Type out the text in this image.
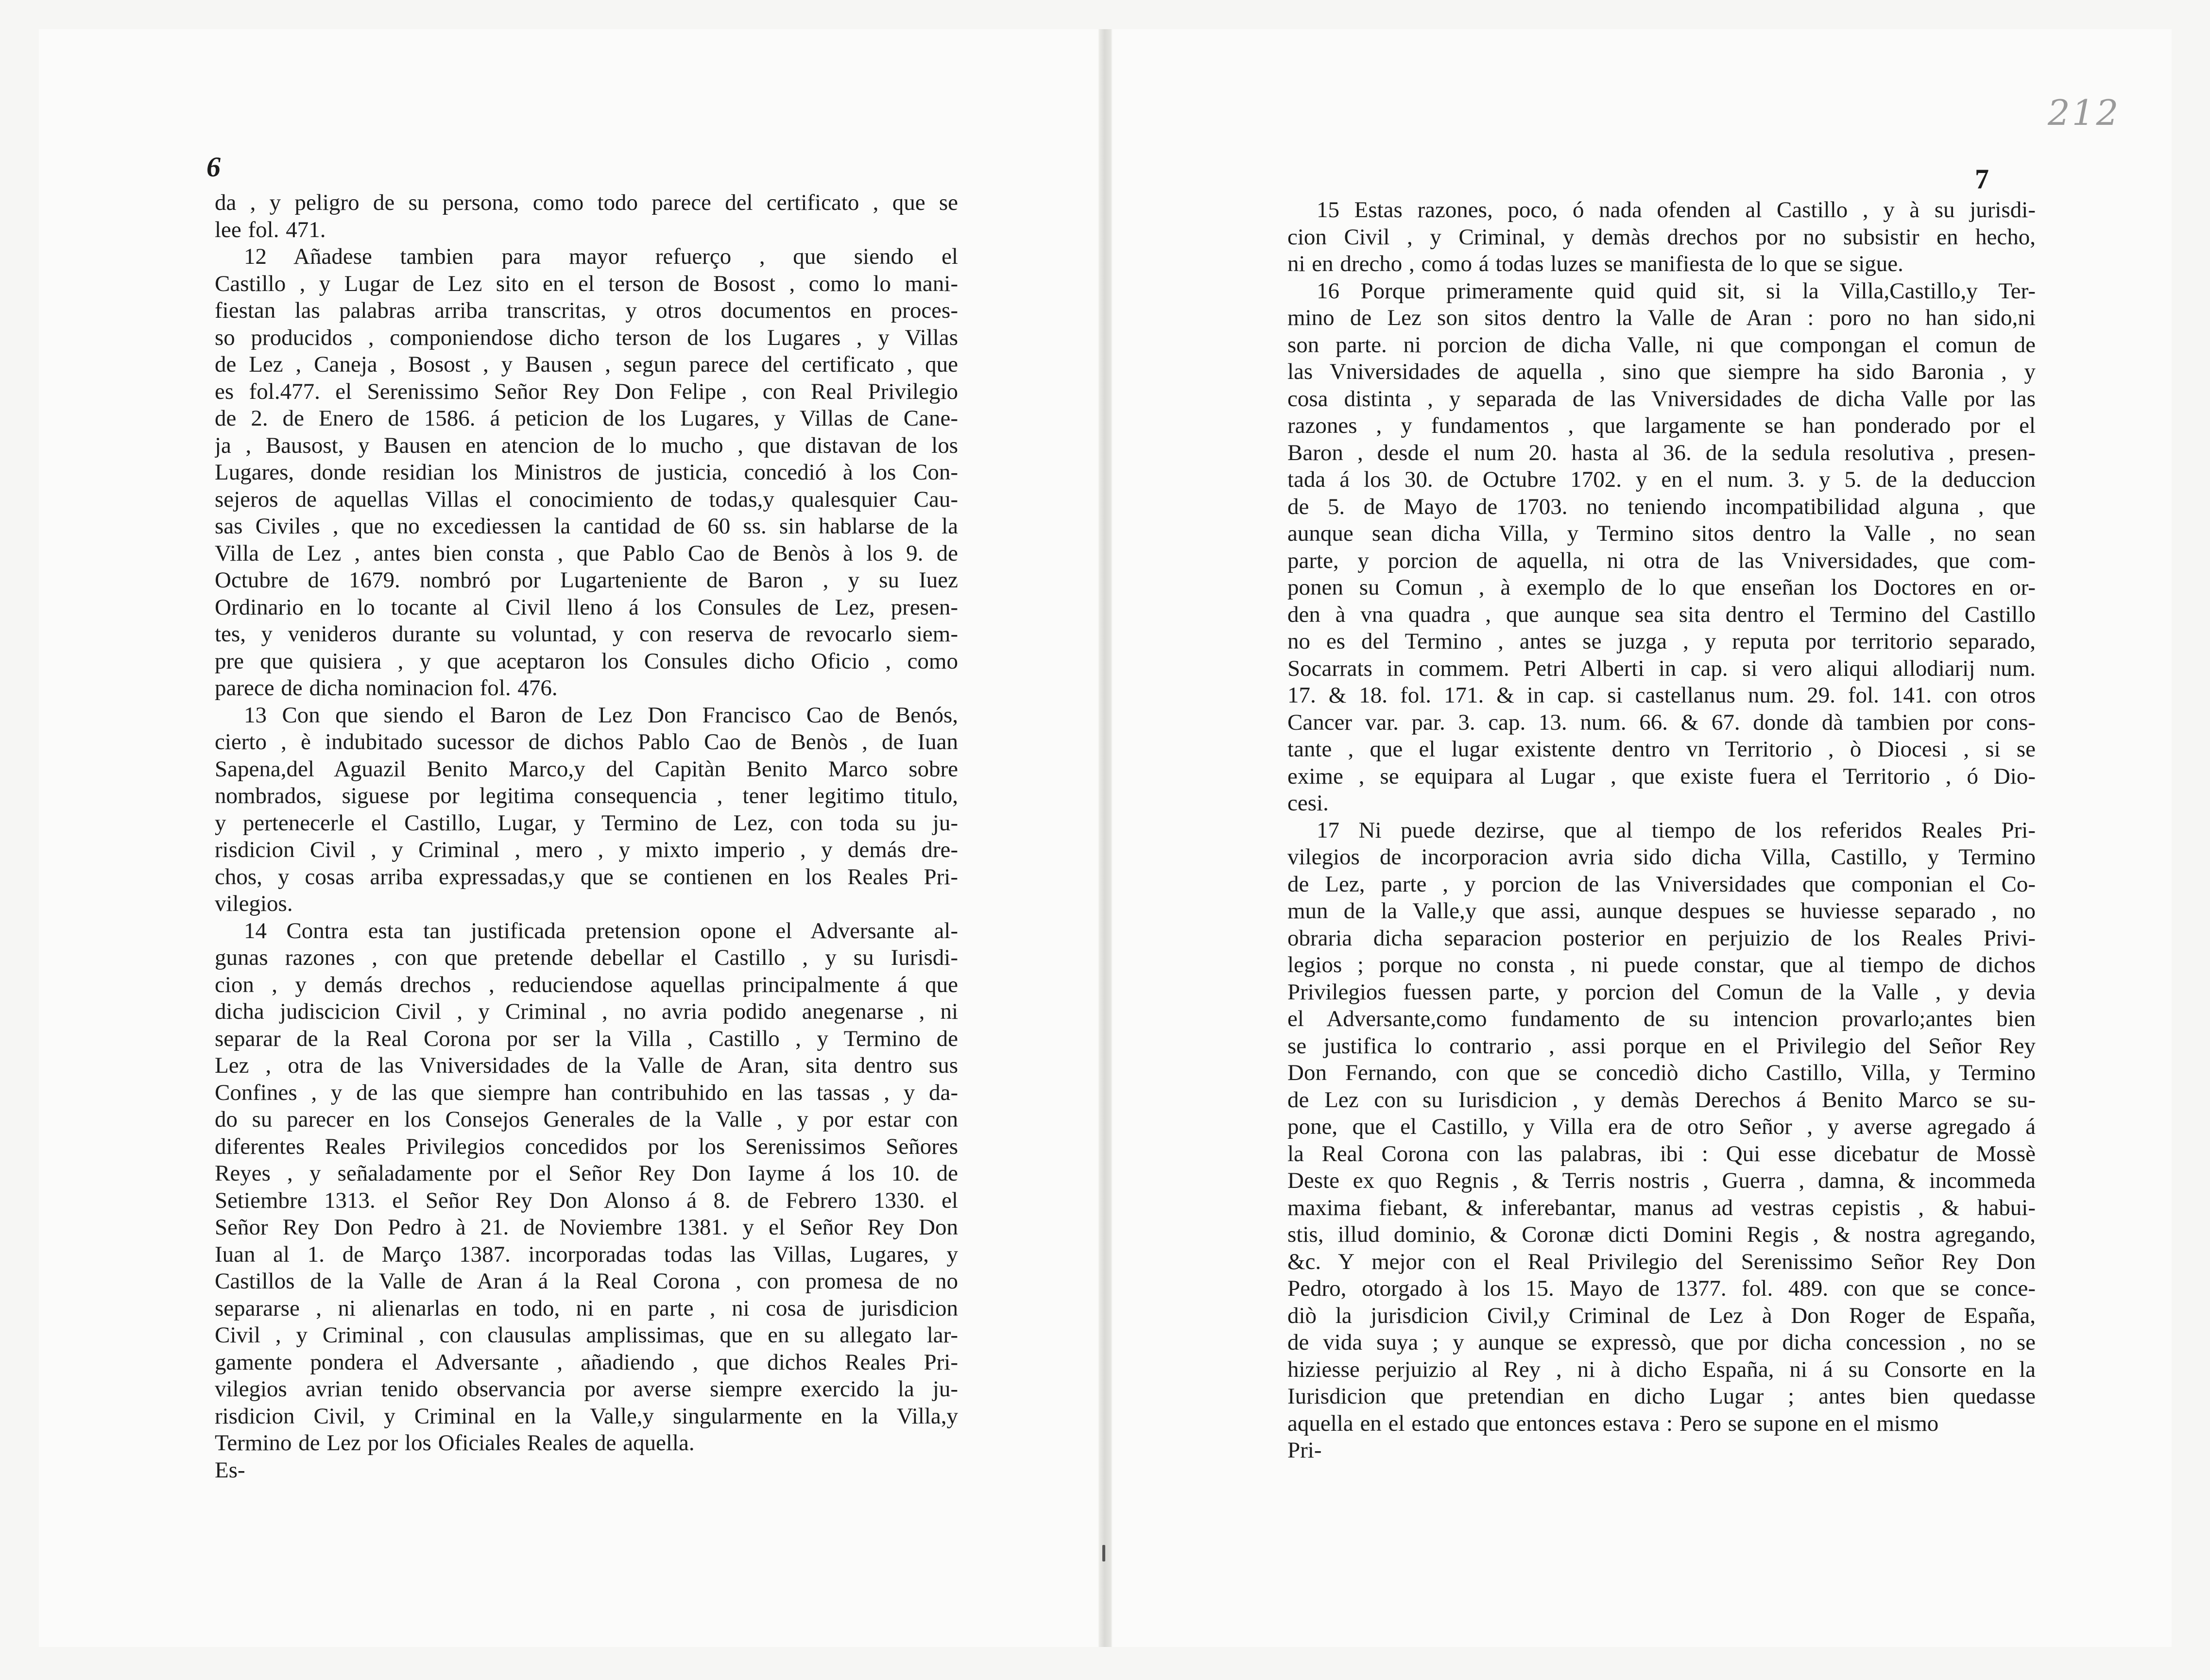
6
da , y peligro de su persona, como todo parece del certificato , que se
lee fol. 471.
12 Añadese tambien para mayor refuerço , que siendo el
Castillo , y Lugar de Lez sito en el terson de Bosost , como lo mani-
fiestan las palabras arriba transcritas, y otros documentos en proces-
so producidos , componiendose dicho terson de los Lugares , y Villas
de Lez , Caneja , Bosost , y Bausen , segun parece del certificato , que
es fol.477. el Serenissimo Señor Rey Don Felipe , con Real Privilegio
de 2. de Enero de 1586. á peticion de los Lugares, y Villas de Cane-
ja , Bausost, y Bausen en atencion de lo mucho , que distavan de los
Lugares, donde residian los Ministros de justicia, concedió à los Con-
sejeros de aquellas Villas el conocimiento de todas,y qualesquier Cau-
sas Civiles , que no excediessen la cantidad de 60 ss. sin hablarse de la
Villa de Lez , antes bien consta , que Pablo Cao de Benòs à los 9. de
Octubre de 1679. nombró por Lugarteniente de Baron , y su Iuez
Ordinario en lo tocante al Civil lleno á los Consules de Lez, presen-
tes, y venideros durante su voluntad, y con reserva de revocarlo siem-
pre que quisiera , y que aceptaron los Consules dicho Oficio , como
parece de dicha nominacion fol. 476.
13 Con que siendo el Baron de Lez Don Francisco Cao de Benós,
cierto , è indubitado sucessor de dichos Pablo Cao de Benòs , de Iuan
Sapena,del Aguazil Benito Marco,y del Capitàn Benito Marco sobre
nombrados, siguese por legitima consequencia , tener legitimo titulo,
y pertenecerle el Castillo, Lugar, y Termino de Lez, con toda su ju-
risdicion Civil , y Criminal , mero , y mixto imperio , y demás dre-
chos, y cosas arriba expressadas,y que se contienen en los Reales Pri-
vilegios.
14 Contra esta tan justificada pretension opone el Adversante al-
gunas razones , con que pretende debellar el Castillo , y su Iurisdi-
cion , y demás drechos , reduciendose aquellas principalmente á que
dicha judiscicion Civil , y Criminal , no avria podido anegenarse , ni
separar de la Real Corona por ser la Villa , Castillo , y Termino de
Lez , otra de las Vniversidades de la Valle de Aran, sita dentro sus
Confines , y de las que siempre han contribuhido en las tassas , y da-
do su parecer en los Consejos Generales de la Valle , y por estar con
diferentes Reales Privilegios concedidos por los Serenissimos Señores
Reyes , y señaladamente por el Señor Rey Don Iayme á los 10. de
Setiembre 1313. el Señor Rey Don Alonso á 8. de Febrero 1330. el
Señor Rey Don Pedro à 21. de Noviembre 1381. y el Señor Rey Don
Iuan al 1. de Março 1387. incorporadas todas las Villas, Lugares, y
Castillos de la Valle de Aran á la Real Corona , con promesa de no
separarse , ni alienarlas en todo, ni en parte , ni cosa de jurisdicion
Civil , y Criminal , con clausulas amplissimas, que en su allegato lar-
gamente pondera el Adversante , añadiendo , que dichos Reales Pri-
vilegios avrian tenido observancia por averse siempre exercido la ju-
risdicion Civil, y Criminal en la Valle,y singularmente en la Villa,y
Termino de Lez por los Oficiales Reales de aquella.
Es-
7
15 Estas razones, poco, ó nada ofenden al Castillo , y à su jurisdi-
cion Civil , y Criminal, y demàs drechos por no subsistir en hecho,
ni en drecho , como á todas luzes se manifiesta de lo que se sigue.
16 Porque primeramente quid quid sit, si la Villa,Castillo,y Ter-
mino de Lez son sitos dentro la Valle de Aran : poro no han sido,ni
son parte. ni porcion de dicha Valle, ni que compongan el comun de
las Vniversidades de aquella , sino que siempre ha sido Baronia , y
cosa distinta , y separada de las Vniversidades de dicha Valle por las
razones , y fundamentos , que largamente se han ponderado por el
Baron , desde el num 20. hasta al 36. de la sedula resolutiva , presen-
tada á los 30. de Octubre 1702. y en el num. 3. y 5. de la deduccion
de 5. de Mayo de 1703. no teniendo incompatibilidad alguna , que
aunque sean dicha Villa, y Termino sitos dentro la Valle , no sean
parte, y porcion de aquella, ni otra de las Vniversidades, que com-
ponen su Comun , à exemplo de lo que enseñan los Doctores en or-
den à vna quadra , que aunque sea sita dentro el Termino del Castillo
no es del Termino , antes se juzga , y reputa por territorio separado,
Socarrats in commem. Petri Alberti in cap. si vero aliqui allodiarij num.
17. & 18. fol. 171. & in cap. si castellanus num. 29. fol. 141. con otros
Cancer var. par. 3. cap. 13. num. 66. & 67. donde dà tambien por cons-
tante , que el lugar existente dentro vn Territorio , ò Diocesi , si se
exime , se equipara al Lugar , que existe fuera el Territorio , ó Dio-
cesi.
17 Ni puede dezirse, que al tiempo de los referidos Reales Pri-
vilegios de incorporacion avria sido dicha Villa, Castillo, y Termino
de Lez, parte , y porcion de las Vniversidades que componian el Co-
mun de la Valle,y que assi, aunque despues se huviesse separado , no
obraria dicha separacion posterior en perjuizio de los Reales Privi-
legios ; porque no consta , ni puede constar, que al tiempo de dichos
Privilegios fuessen parte, y porcion del Comun de la Valle , y devia
el Adversante,como fundamento de su intencion provarlo;antes bien
se justifica lo contrario , assi porque en el Privilegio del Señor Rey
Don Fernando, con que se concediò dicho Castillo, Villa, y Termino
de Lez con su Iurisdicion , y demàs Derechos á Benito Marco se su-
pone, que el Castillo, y Villa era de otro Señor , y averse agregado á
la Real Corona con las palabras, ibi : Qui esse dicebatur de Mossè
Deste ex quo Regnis , & Terris nostris , Guerra , damna, & incommeda
maxima fiebant, & inferebantar, manus ad vestras cepistis , & habui-
stis, illud dominio, & Coronæ dicti Domini Regis , & nostra agregando,
&c. Y mejor con el Real Privilegio del Serenissimo Señor Rey Don
Pedro, otorgado à los 15. Mayo de 1377. fol. 489. con que se conce-
diò la jurisdicion Civil,y Criminal de Lez à Don Roger de España,
de vida suya ; y aunque se expressò, que por dicha concession , no se
hiziesse perjuizio al Rey , ni à dicho España, ni á su Consorte en la
Iurisdicion que pretendian en dicho Lugar ; antes bien quedasse
aquella en el estado que entonces estava : Pero se supone en el mismo
Pri-
212
